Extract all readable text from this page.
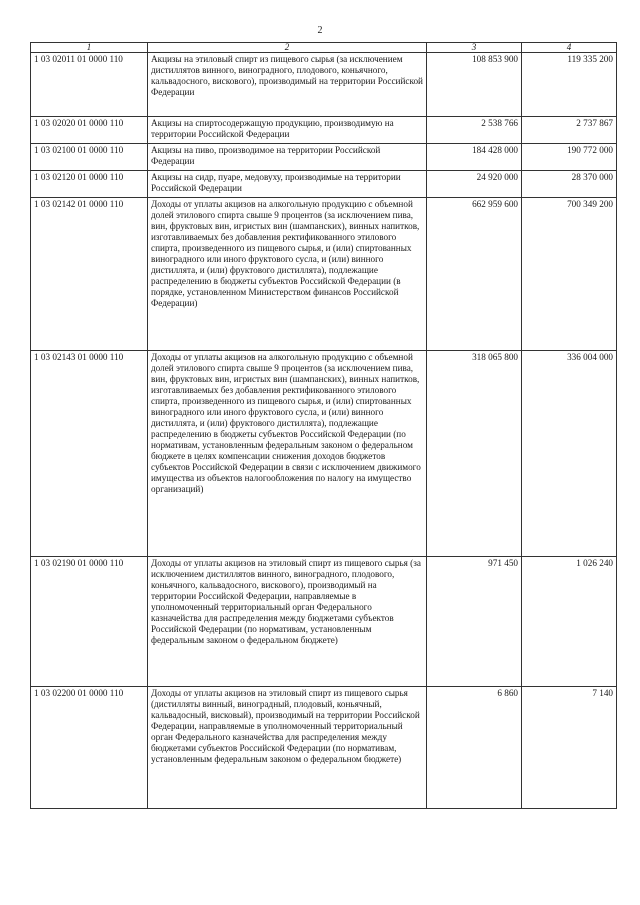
2
1	2	3	4
1 03 02011 01 0000 110	Акцизы на этиловый спирт из пищевого сырья (за исключением дистиллятов винного, виноградного, плодового, коньячного, кальвадосного, вискового), производимый на территории Российской Федерации	108 853 900	119 335 200
1 03 02020 01 0000 110	Акцизы на спиртосодержащую продукцию, производимую на территории Российской Федерации	2 538 766	2 737 867
1 03 02100 01 0000 110	Акцизы на пиво, производимое на территории Российской Федерации	184 428 000	190 772 000
1 03 02120 01 0000 110	Акцизы на сидр, пуаре, медовуху, производимые на территории Российской Федерации	24 920 000	28 370 000
1 03 02142 01 0000 110	Доходы от уплаты акцизов на алкогольную продукцию с объемной долей этилового спирта свыше 9 процентов (за исключением пива, вин, фруктовых вин, игристых вин (шампанских), винных напитков, изготавливаемых без добавления ректификованного этилового спирта, произведенного из пищевого сырья, и (или) спиртованных виноградного или иного фруктового сусла, и (или) винного дистиллята, и (или) фруктового дистиллята), подлежащие распределению в бюджеты субъектов Российской Федерации (в порядке, установленном Министерством финансов Российской Федерации)	662 959 600	700 349 200
1 03 02143 01 0000 110	Доходы от уплаты акцизов на алкогольную продукцию с объемной долей этилового спирта свыше 9 процентов (за исключением пива, вин, фруктовых вин, игристых вин (шампанских), винных напитков, изготавливаемых без добавления ректификованного этилового спирта, произведенного из пищевого сырья, и (или) спиртованных виноградного или иного фруктового сусла, и (или) винного дистиллята, и (или) фруктового дистиллята), подлежащие распределению в бюджеты субъектов Российской Федерации (по нормативам, установленным федеральным законом о федеральном бюджете в целях компенсации снижения доходов бюджетов субъектов Российской Федерации в связи с исключением движимого имущества из объектов налогообложения по налогу на имущество организаций)	318 065 800	336 004 000
1 03 02190 01 0000 110	Доходы от уплаты акцизов на этиловый спирт из пищевого сырья (за исключением дистиллятов винного, виноградного, плодового, коньячного, кальвадосного, вискового), производимый на территории Российской Федерации, направляемые в уполномоченный территориальный орган Федерального казначейства для распределения между бюджетами субъектов Российской Федерации (по нормативам, установленным федеральным законом о федеральном бюджете)	971 450	1 026 240
1 03 02200 01 0000 110	Доходы от уплаты акцизов на этиловый спирт из пищевого сырья (дистилляты винный, виноградный, плодовый, коньячный, кальвадосный, висковый), производимый на территории Российской Федерации, направляемые в уполномоченный территориальный орган Федерального казначейства для распределения между бюджетами субъектов Российской Федерации (по нормативам, установленным федеральным законом о федеральном бюджете)	6 860	7 140
